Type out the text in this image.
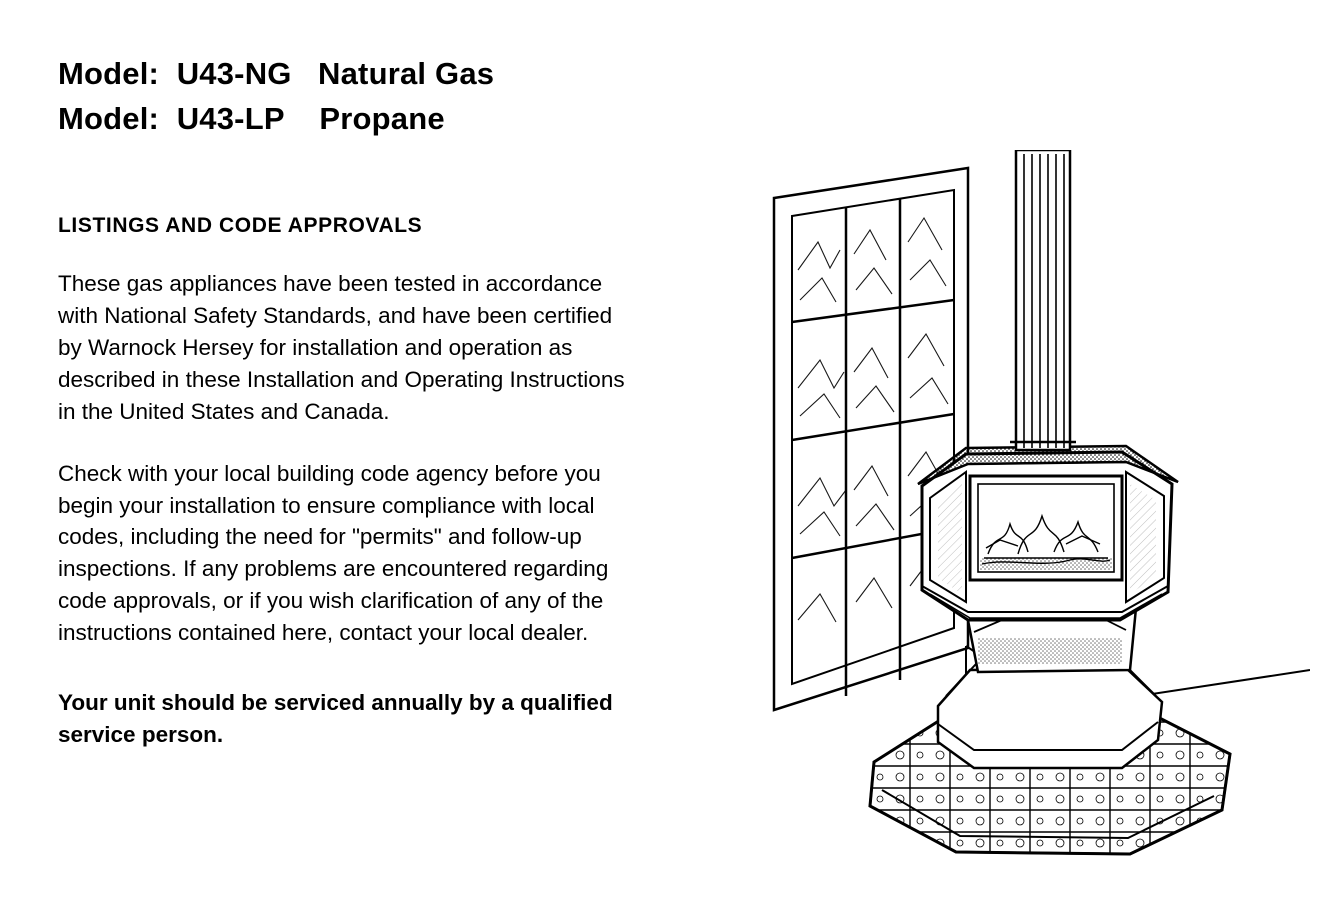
Model:  U43-NG   Natural Gas
Model:  U43-LP    Propane
LISTINGS AND CODE APPROVALS

These gas appliances have been tested in accordance with National Safety Standards, and have been certified by Warnock Hersey for installation and operation as described in these Installation and Operating Instructions in the United States and Canada.

Check with your local building code agency before you begin your installation to ensure compliance with local codes, including the need for "permits" and follow-up inspections. If any problems are encountered regarding code approvals, or if you wish clarification of any of the instructions contained here, contact your local dealer.

Your unit should be serviced annually by a qualified service person.
